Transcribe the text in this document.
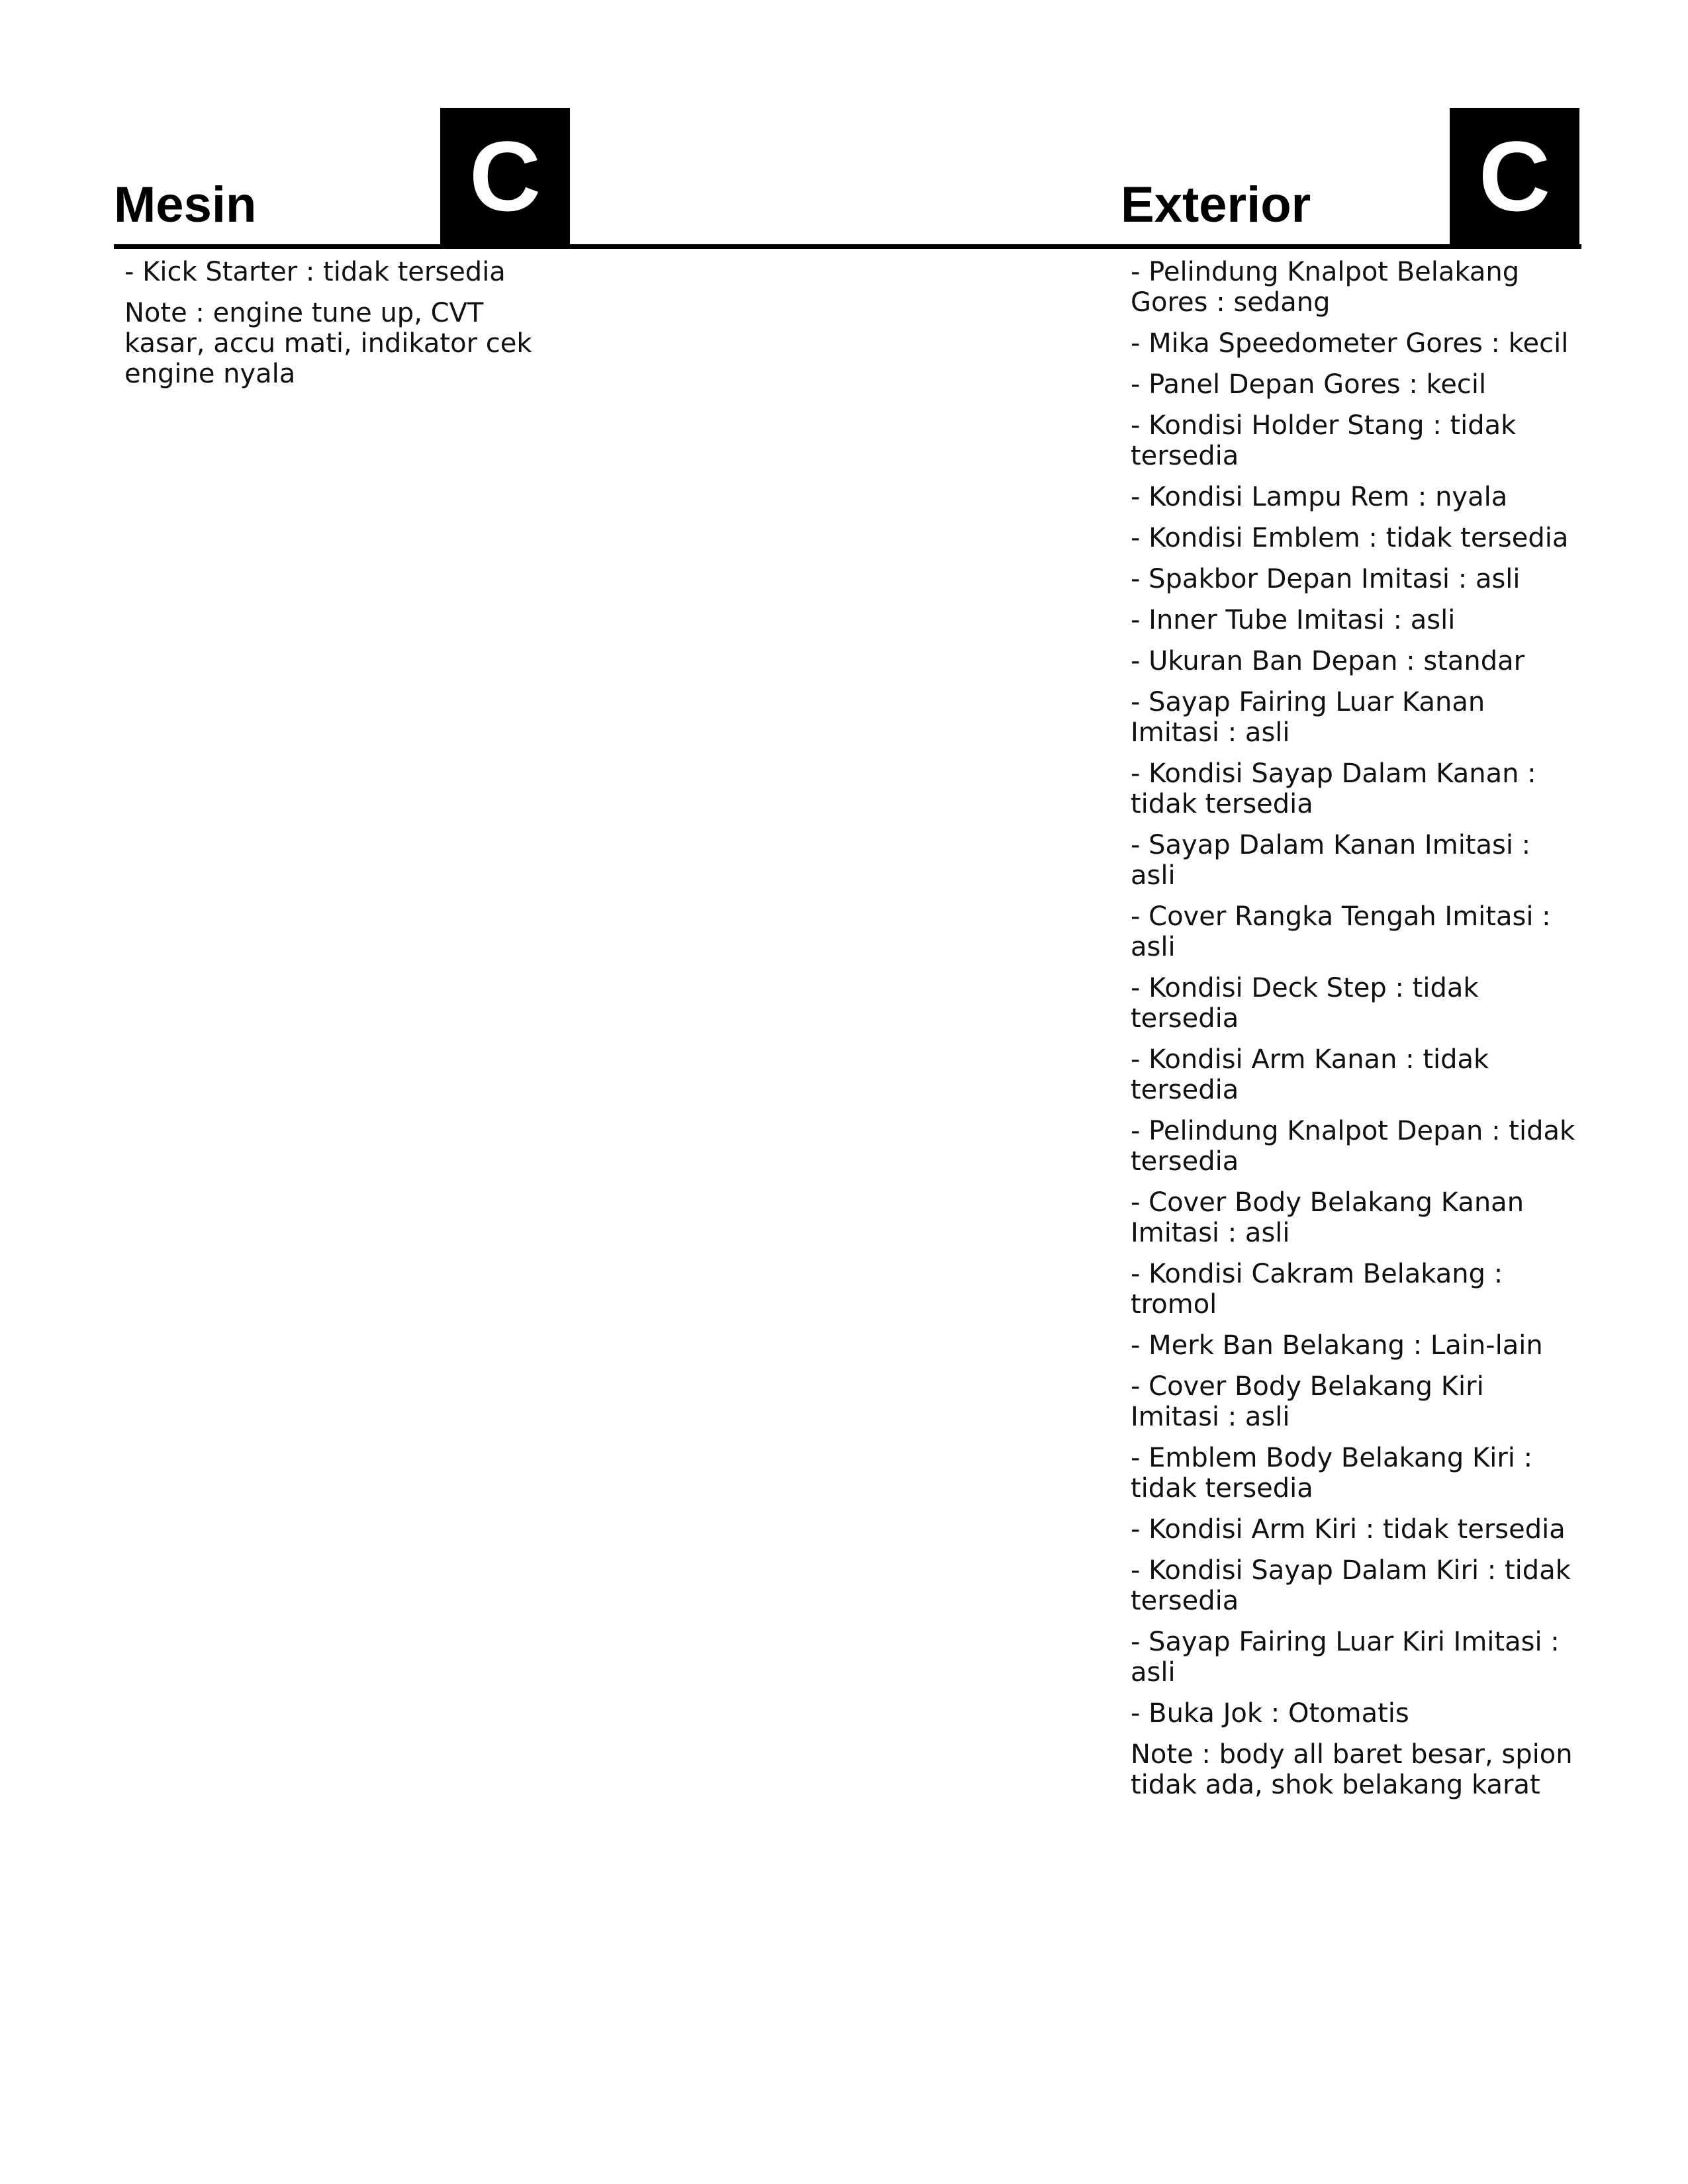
Mesin C	Exterior C
- Kick Starter : tidak tersedia
Note : engine tune up, CVT kasar, accu mati, indikator cek engine nyala
- Pelindung Knalpot Belakang Gores : sedang
- Mika Speedometer Gores : kecil
- Panel Depan Gores : kecil
- Kondisi Holder Stang : tidak tersedia
- Kondisi Lampu Rem : nyala
- Kondisi Emblem : tidak tersedia
- Spakbor Depan Imitasi : asli
- Inner Tube Imitasi : asli
- Ukuran Ban Depan : standar
- Sayap Fairing Luar Kanan Imitasi : asli
- Kondisi Sayap Dalam Kanan : tidak tersedia
- Sayap Dalam Kanan Imitasi : asli
- Cover Rangka Tengah Imitasi : asli
- Kondisi Deck Step : tidak tersedia
- Kondisi Arm Kanan : tidak tersedia
- Pelindung Knalpot Depan : tidak tersedia
- Cover Body Belakang Kanan Imitasi : asli
- Kondisi Cakram Belakang : tromol
- Merk Ban Belakang : Lain-lain
- Cover Body Belakang Kiri Imitasi : asli
- Emblem Body Belakang Kiri : tidak tersedia
- Kondisi Arm Kiri : tidak tersedia
- Kondisi Sayap Dalam Kiri : tidak tersedia
- Sayap Fairing Luar Kiri Imitasi : asli
- Buka Jok : Otomatis
Note : body all baret besar, spion tidak ada, shok belakang karat
